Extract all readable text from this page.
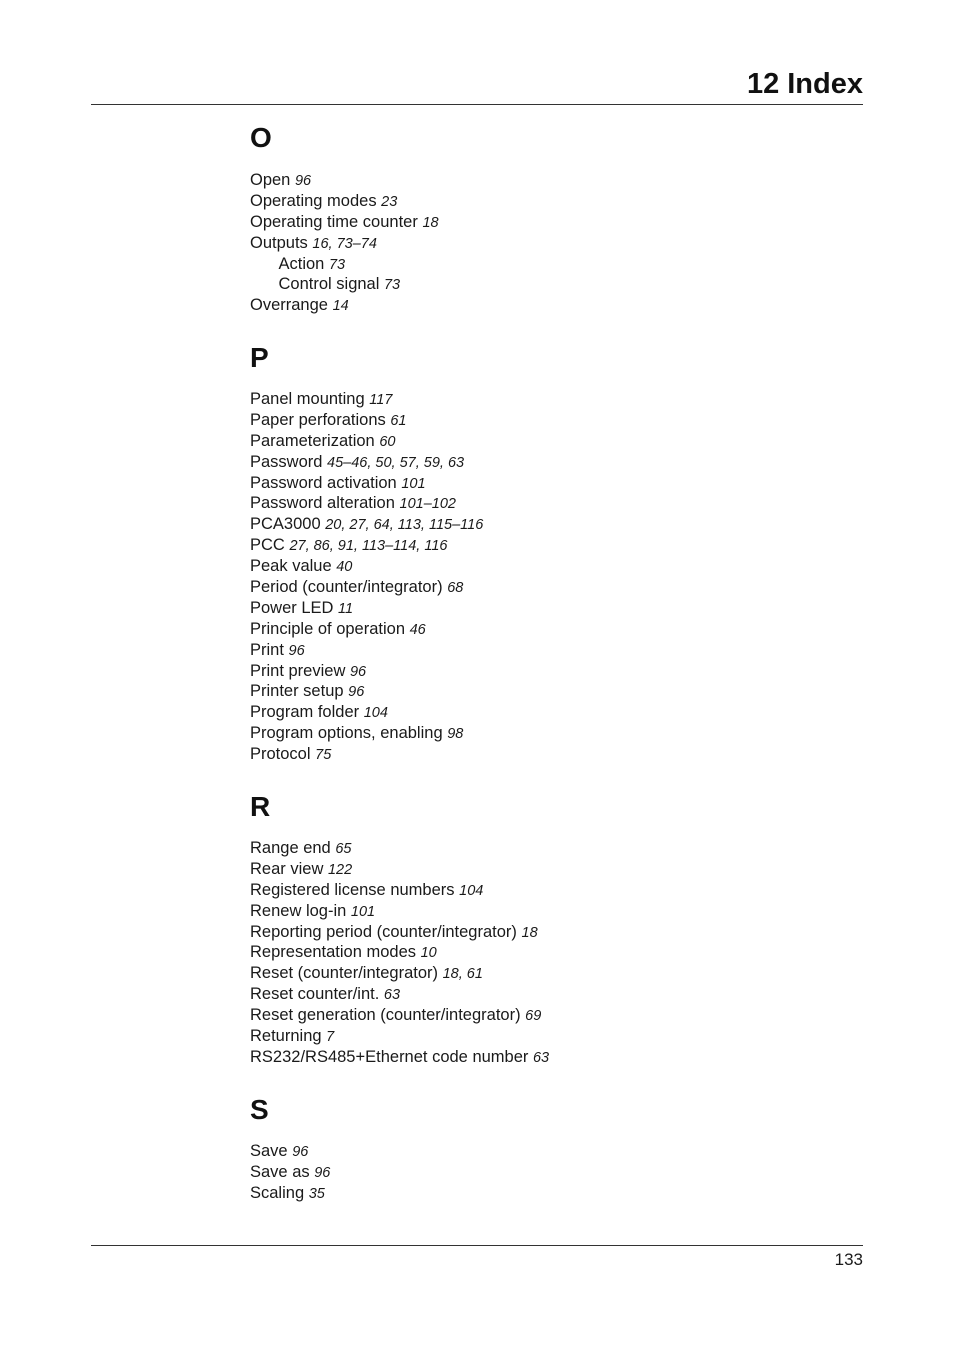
12 Index
O
Open 96
Operating modes 23
Operating time counter 18
Outputs 16, 73–74
Action 73
Control signal 73
Overrange 14
P
Panel mounting 117
Paper perforations 61
Parameterization 60
Password 45–46, 50, 57, 59, 63
Password activation 101
Password alteration 101–102
PCA3000 20, 27, 64, 113, 115–116
PCC 27, 86, 91, 113–114, 116
Peak value 40
Period (counter/integrator) 68
Power LED 11
Principle of operation 46
Print 96
Print preview 96
Printer setup 96
Program folder 104
Program options, enabling 98
Protocol 75
R
Range end 65
Rear view 122
Registered license numbers 104
Renew log-in 101
Reporting period (counter/integrator) 18
Representation modes 10
Reset (counter/integrator) 18, 61
Reset counter/int. 63
Reset generation (counter/integrator) 69
Returning 7
RS232/RS485+Ethernet code number 63
S
Save 96
Save as 96
Scaling 35
133
